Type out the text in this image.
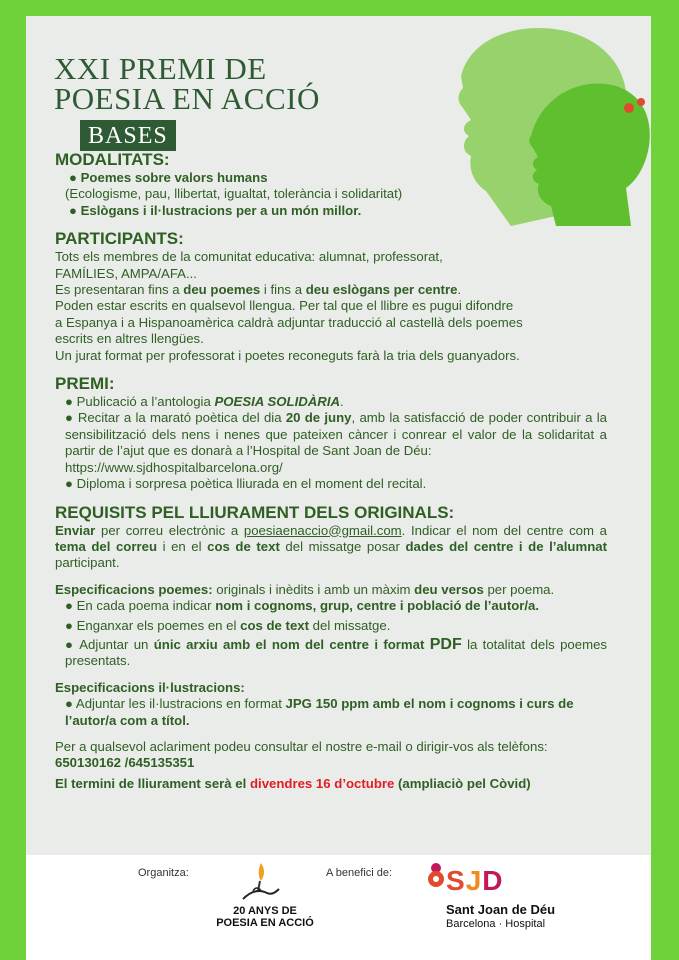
XXI PREMI DE
POESIA EN ACCIÓ
BASES
MODALITATS:
● Poemes sobre valors humans
(Ecologisme, pau, llibertat, igualtat, tolerància i solidaritat)
● Eslògans i il·lustracions per a un món millor.
PARTICIPANTS:
Tots els membres de la comunitat educativa: alumnat, professorat,
FAMÍLIES, AMPA/AFA...
Es presentaran fins a deu poemes i fins a deu eslògans per centre.
Poden estar escrits en qualsevol llengua. Per tal que el llibre es pugui difondre
a Espanya i a Hispanoamèrica caldrà adjuntar traducció al castellà dels poemes
escrits en altres llengües.
Un jurat format per professorat i poetes reconeguts farà la tria dels guanyadors.
PREMI:
● Publicació a l’antologia POESIA SOLIDÀRIA.
● Recitar a la marató poètica del dia 20 de juny, amb la satisfacció de poder contribuir a la sensibilització dels nens i nenes que pateixen càncer i conrear el valor de la solidaritat a partir de l’ajut que es donarà a l’Hospital de Sant Joan de Déu:
https://www.sjdhospitalbarcelona.org/
● Diploma i sorpresa poètica lliurada en el moment del recital.
REQUISITS PEL LLIURAMENT DELS ORIGINALS:
Enviar per correu electrònic a poesiaenaccio@gmail.com. Indicar el nom del centre com a tema del correu i en el cos de text del missatge posar dades del centre i de l’alumnat participant.
Especificacions poemes: originals i inèdits i amb un màxim deu versos per poema.
● En cada poema indicar nom i cognoms, grup, centre i població de l’autor/a.
● Enganxar els poemes en el cos de text del missatge.
● Adjuntar un únic arxiu amb el nom del centre i format PDF la totalitat dels poemes presentats.
Especificacions il·lustracions:
● Adjuntar les il·lustracions en format JPG 150 ppm amb el nom i cognoms i curs de l’autor/a com a títol.
Per a qualsevol aclariment podeu consultar el nostre e-mail o dirigir-vos als telèfons:
650130162 /645135351
El termini de lliurament serà el divendres 16 d’octubre (ampliaciò pel Còvid)
Organitza:
20 ANYS DE
POESIA EN ACCIÓ
A benefici de: SJD
Sant Joan de Déu
Barcelona · Hospital
